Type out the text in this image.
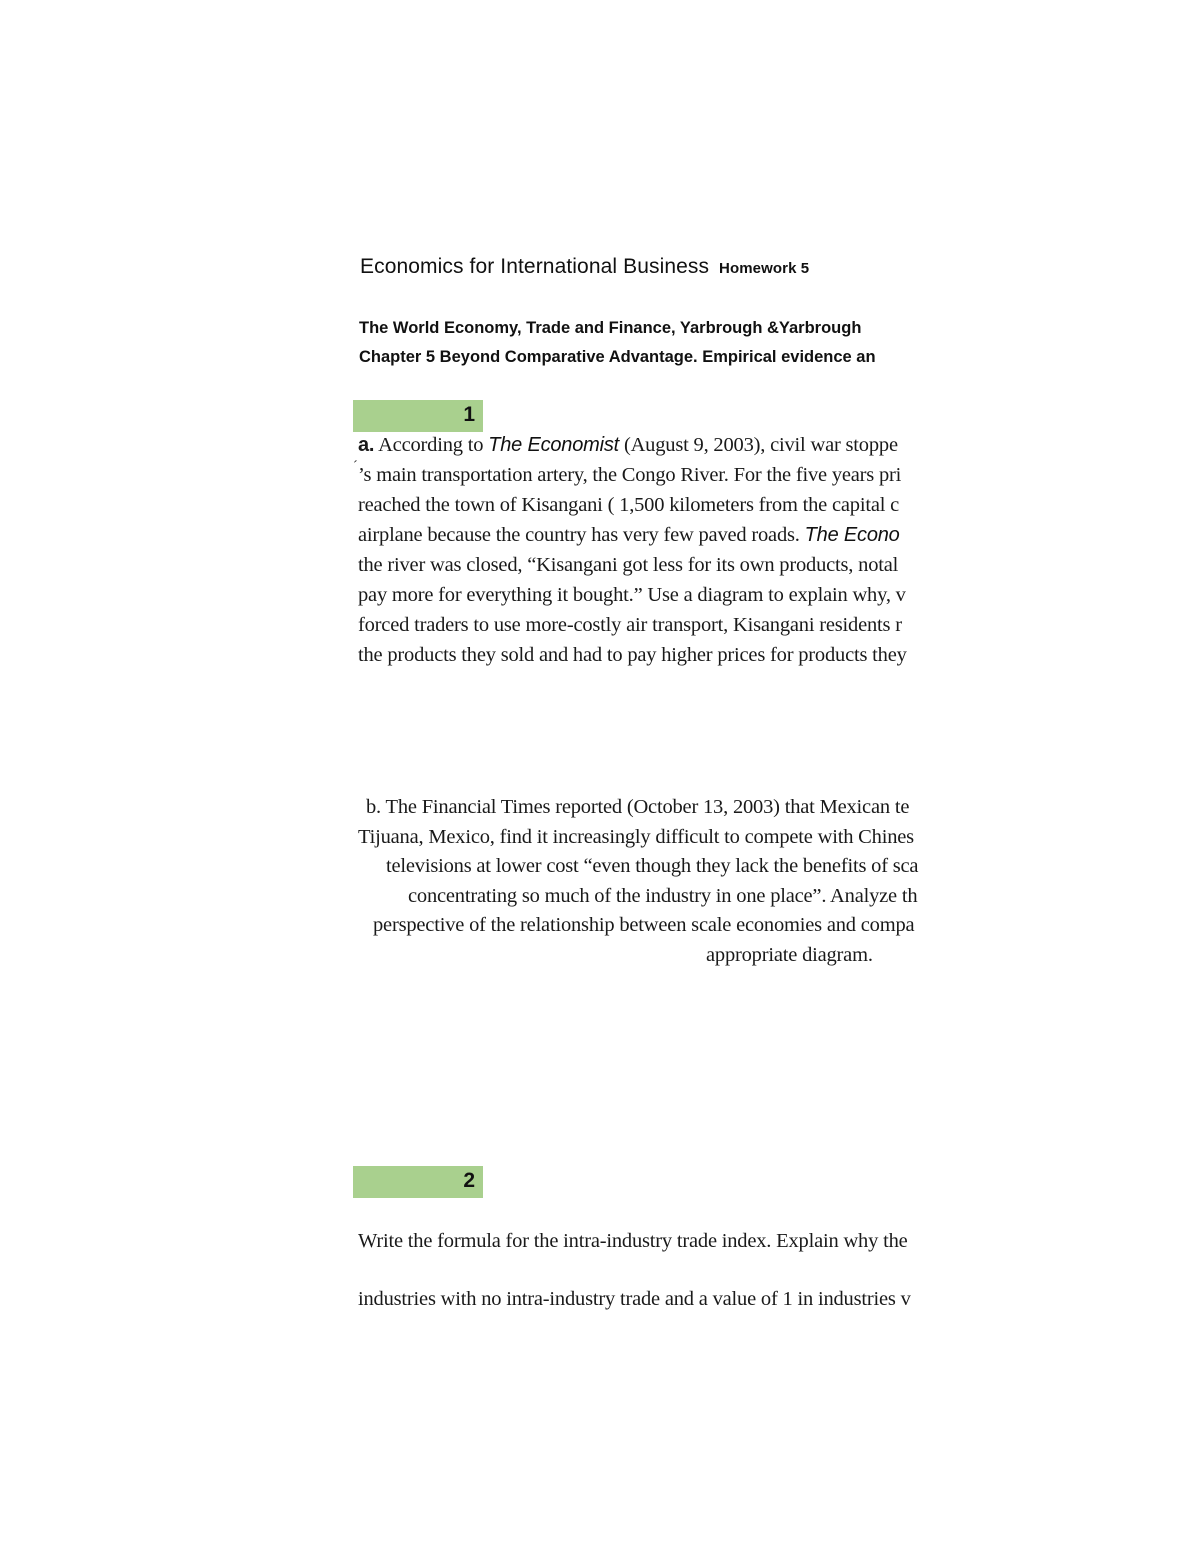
Economics for International Business Homework 5
The World Economy, Trade and Finance, Yarbrough &Yarbrough
Chapter 5 Beyond Comparative Advantage. Empirical evidence an
1
´
a. According to The Economist (August 9, 2003), civil war stoppe
’s main transportation artery, the Congo River. For the five years pri
reached the town of Kisangani ( 1,500 kilometers from the capital c
airplane because the country has very few paved roads. The Econo
the river was closed, “Kisangani got less for its own products, notal
pay more for everything it bought.” Use a diagram to explain why, v
forced traders to use more-costly air transport, Kisangani residents r
the products they sold and had to pay higher prices for products they
b. The Financial Times reported (October 13, 2003) that Mexican te
Tijuana, Mexico, find it increasingly difficult to compete with Chines
televisions at lower cost “even though they lack the benefits of sca
concentrating so much of the industry in one place”. Analyze th
perspective of the relationship between scale economies and compa
appropriate diagram.
2
Write the formula for the intra-industry trade index. Explain why the
industries with no intra-industry trade and a value of 1 in industries v
